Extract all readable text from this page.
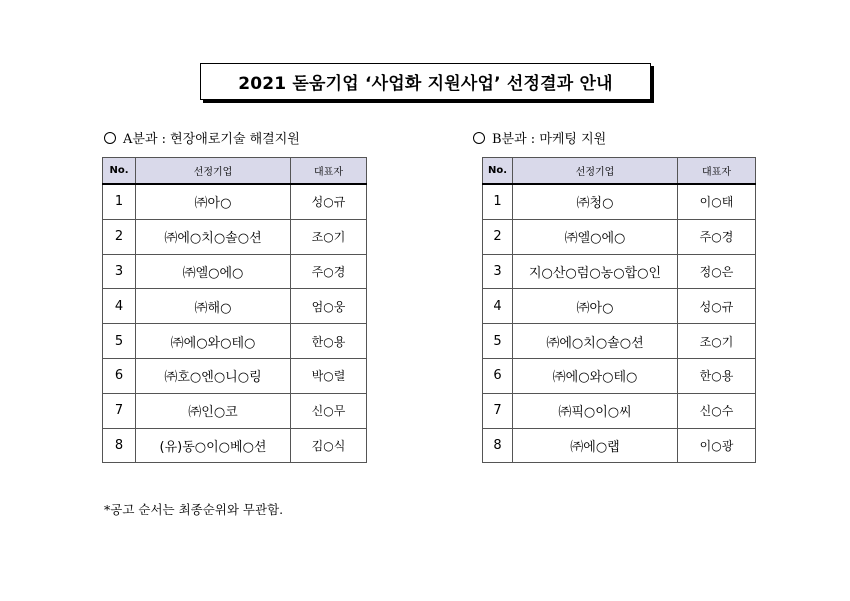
2021 돋움기업 ‘사업화 지원사업’ 선정결과 안내
A분과 : 현장애로기술 해결지원	B분과 : 마케팅 지원
No.	선정기업	대표자
1	㈜아○	성○규
2	㈜에○치○솔○션	조○기
3	㈜엘○에○	주○경
4	㈜해○	엄○웅
5	㈜에○와○테○	한○용
6	㈜호○엔○니○링	박○렬
7	㈜인○코	신○무
8	(유)동○이○베○션	김○식
No.	선정기업	대표자
1	㈜청○	이○태
2	㈜엘○에○	주○경
3	지○산○럼○농○합○인	정○은
4	㈜아○	성○규
5	㈜에○치○솔○션	조○기
6	㈜에○와○테○	한○용
7	㈜픽○이○씨	신○수
8	㈜에○랩	이○광
*공고 순서는 최종순위와 무관함.
